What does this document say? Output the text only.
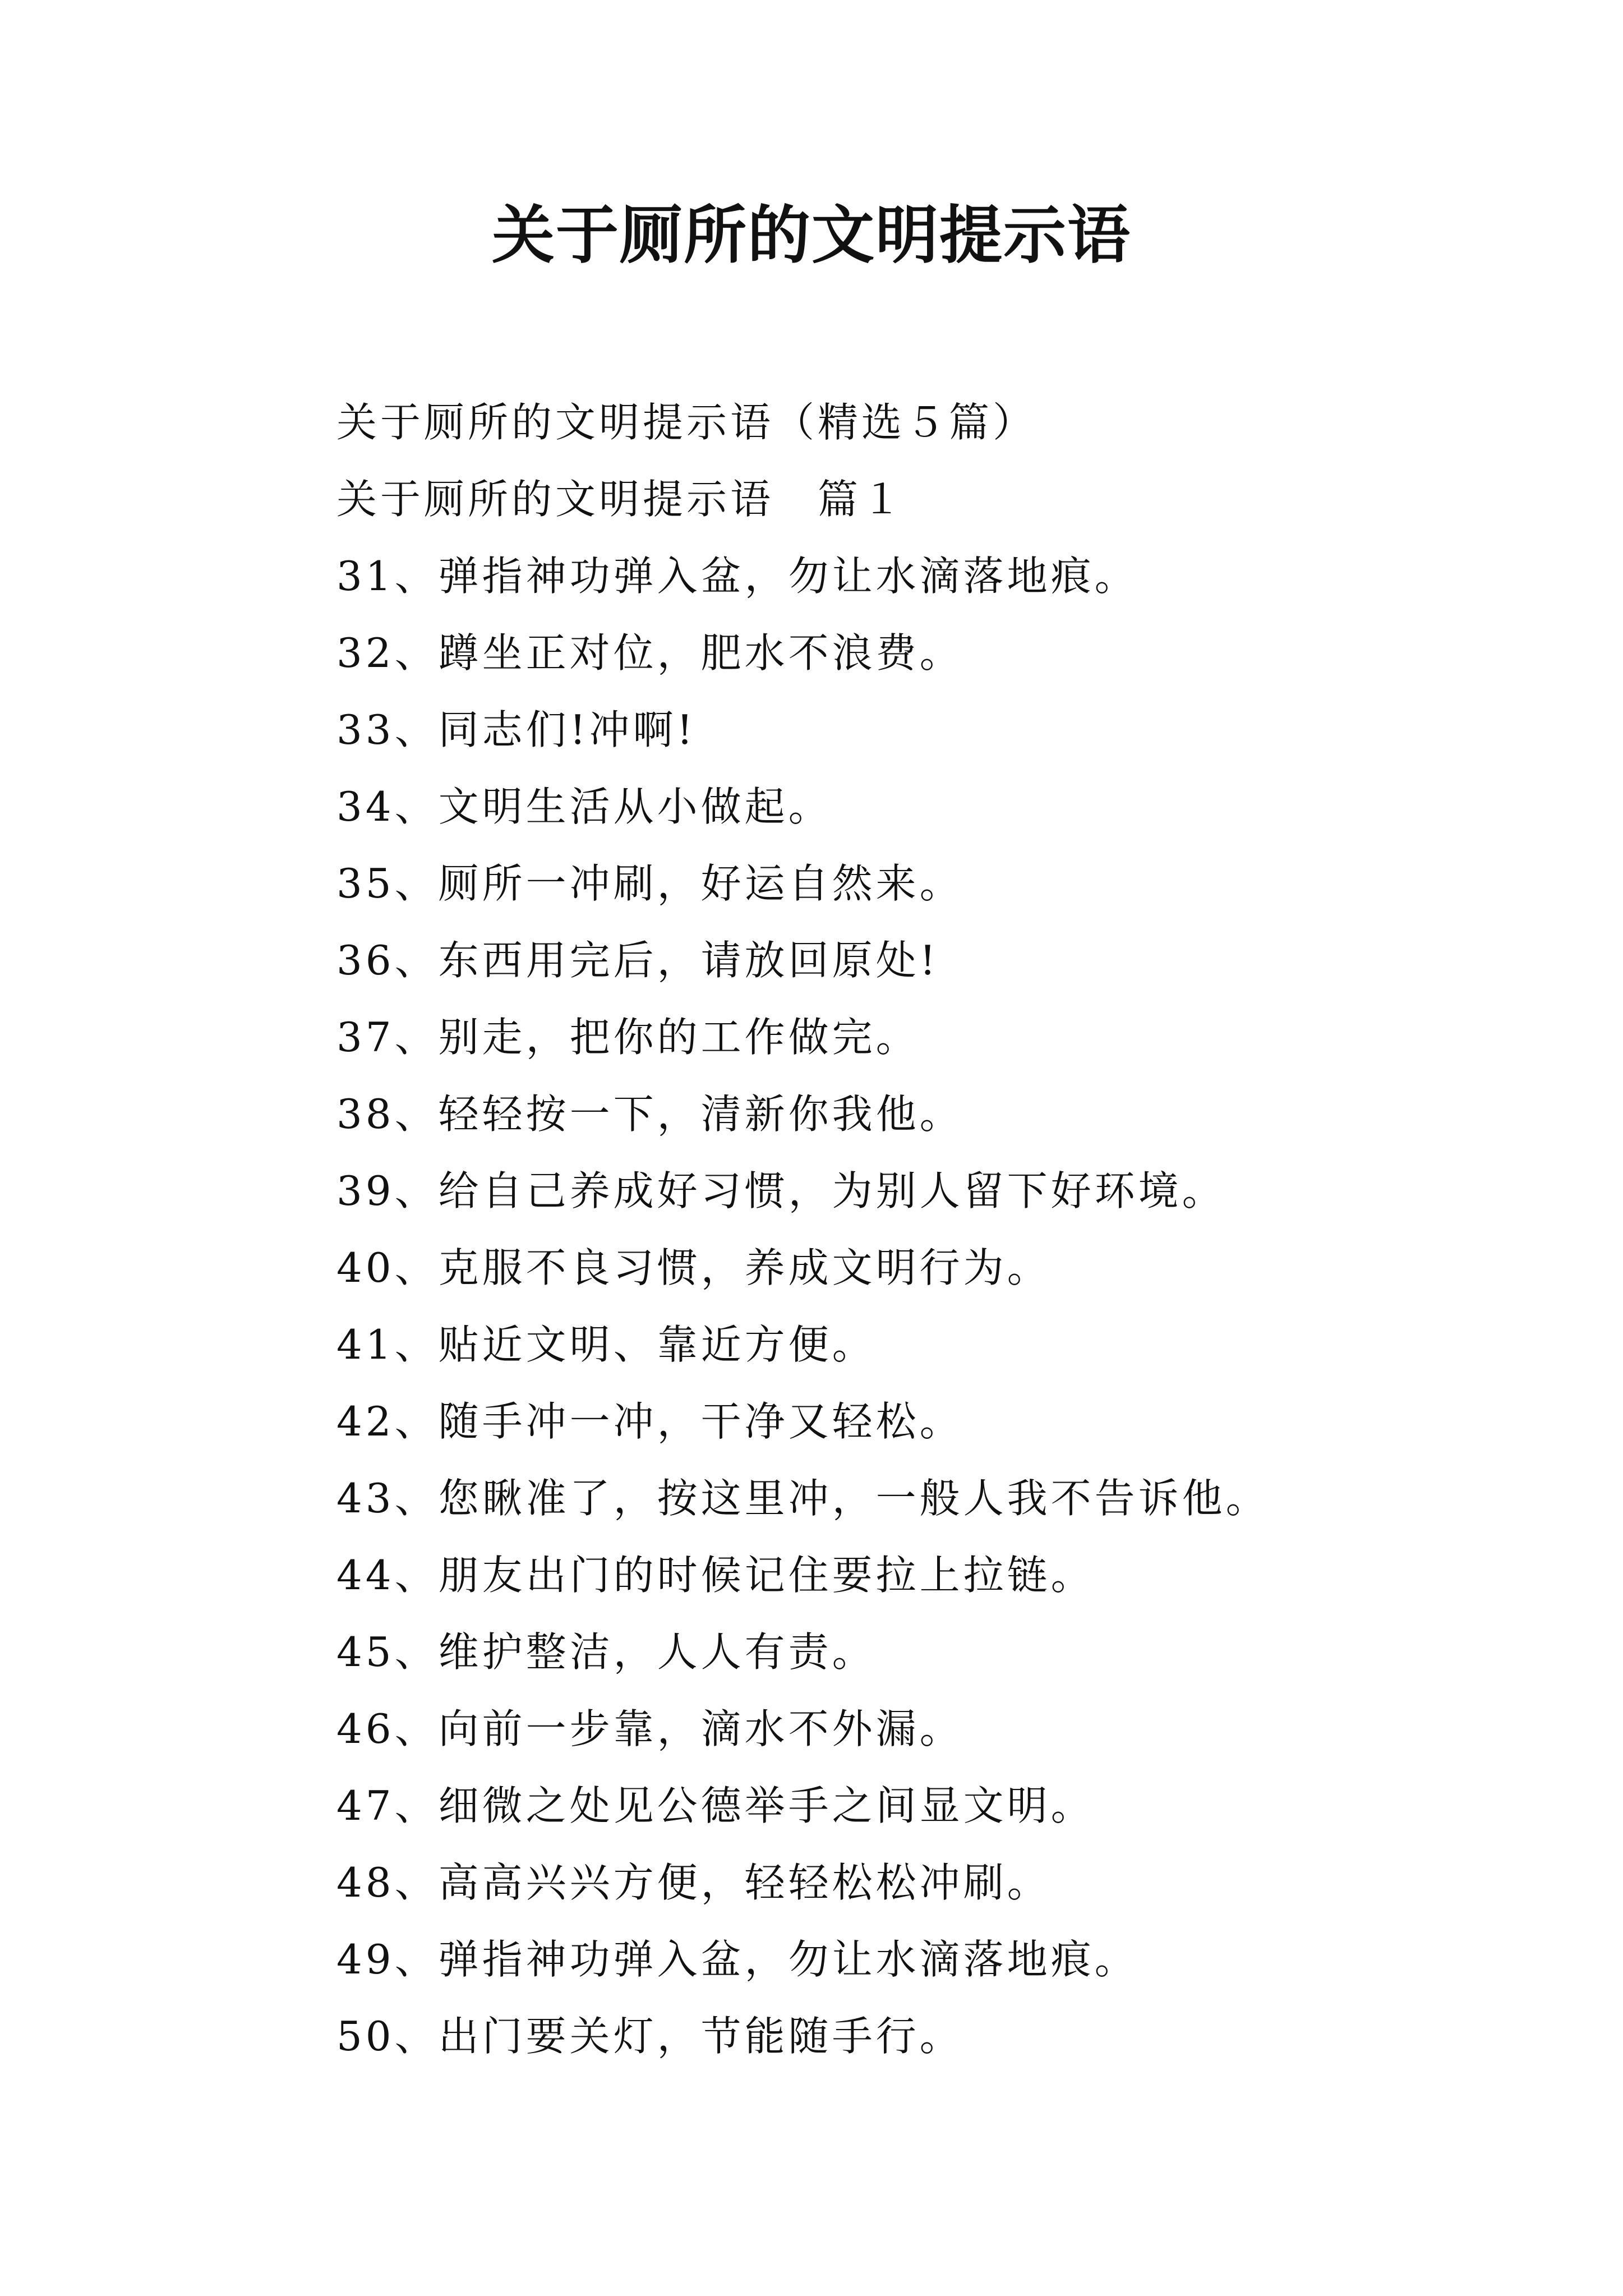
关于厕所的文明提示语
关于厕所的文明提示语（精选５篇）
关于厕所的文明提示语　篇１
31、弹指神功弹入盆，勿让水滴落地痕。
32、蹲坐正对位，肥水不浪费。
33、同志们!冲啊!
34、文明生活从小做起。
35、厕所一冲刷，好运自然来。
36、东西用完后，请放回原处!
37、别走，把你的工作做完。
38、轻轻按一下，清新你我他。
39、给自己养成好习惯，为别人留下好环境。
40、克服不良习惯，养成文明行为。
41、贴近文明、靠近方便。
42、随手冲一冲，干净又轻松。
43、您瞅准了，按这里冲，一般人我不告诉他。
44、朋友出门的时候记住要拉上拉链。
45、维护整洁，人人有责。
46、向前一步靠，滴水不外漏。
47、细微之处见公德举手之间显文明。
48、高高兴兴方便，轻轻松松冲刷。
49、弹指神功弹入盆，勿让水滴落地痕。
50、出门要关灯，节能随手行。
